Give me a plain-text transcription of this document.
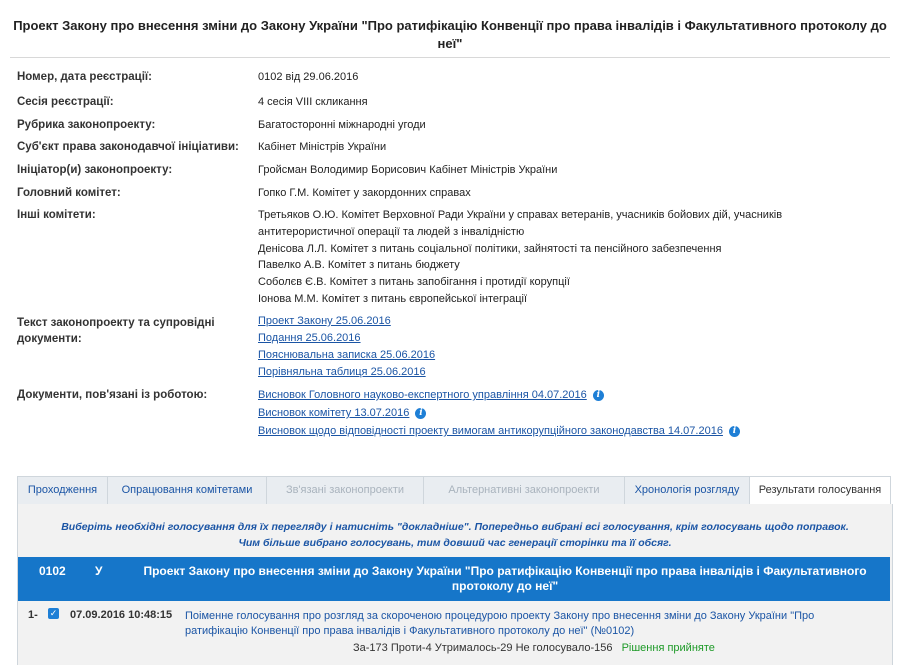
Проект Закону про внесення зміни до Закону України "Про ратифікацію Конвенції про права інвалідів і Факультативного протоколу до неї"
Номер, дата реєстрації:	0102 від 29.06.2016
Сесія реєстрації:	4 сесія VIII скликання
Рубрика законопроекту:	Багатосторонні міжнародні угоди
Суб'єкт права законодавчої ініціативи:	Кабінет Міністрів України
Ініціатор(и) законопроекту:	Гройсман Володимир Борисович Кабінет Міністрів України
Головний комітет:	Гопко Г.М. Комітет у закордонних справах
Інші комітети:	Третьяков О.Ю. Комітет Верховної Ради України у справах ветеранів, учасників бойових дій, учасників
антитерористичної операції та людей з інвалідністю
Денісова Л.Л. Комітет з питань соціальної політики, зайнятості та пенсійного забезпечення
Павелко А.В. Комітет з питань бюджету
Соболєв Є.В. Комітет з питань запобігання і протидії корупції
Іонова М.М. Комітет з питань європейської інтеграції
Текст законопроекту та супровідні
документи:
Проект Закону 25.06.2016
Подання 25.06.2016
Пояснювальна записка 25.06.2016
Порівняльна таблиця 25.06.2016
Документи, пов'язані із роботою:	Висновок Головного науково-експертного управління 04.07.2016 i
Висновок комітету 13.07.2016 i
Висновок щодо відповідності проекту вимогам антикорупційного законодавства 14.07.2016 i
Проходження	Опрацювання комітетами	Зв'язані законопроекти	Альтернативні законопроекти	Хронологія розгляду	Результати голосування
Виберіть необхідні голосування для їх перегляду і натисніть "докладніше". Попередньо вибрані всі голосування, крім голосувань щодо поправок.
Чим більше вибрано голосувань, тим довший час генерації сторінки та її обсяг.
0102 У	Проект Закону про внесення зміни до Закону України "Про ратифікацію Конвенції про права інвалідів і Факультативного протоколу до неї"
1- ✓ 07.09.2016 10:48:15 Поіменне голосування про розгляд за скороченою процедурою проекту Закону про внесення зміни до Закону України "Про ратифікацію Конвенції про права інвалідів і Факультативного протоколу до неї" (№0102)
За-173 Проти-4 Утрималось-29 Не голосувало-156 Рішення прийняте
